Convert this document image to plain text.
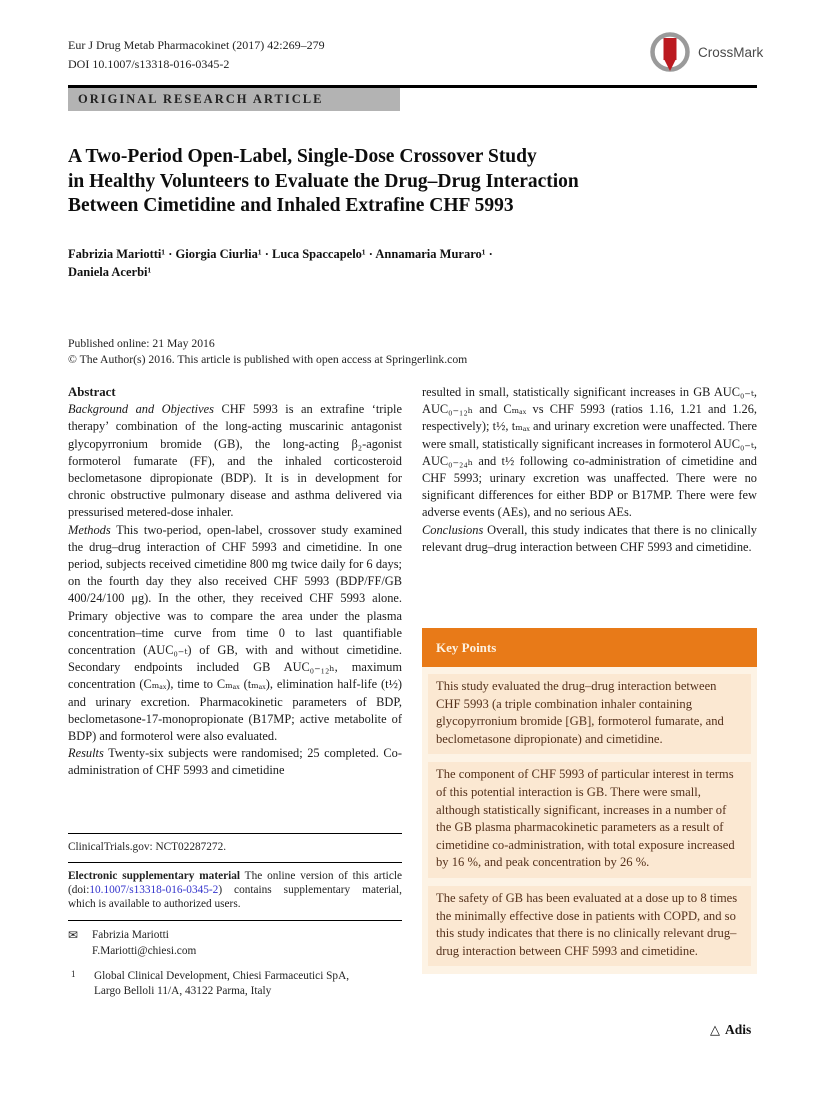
Eur J Drug Metab Pharmacokinet (2017) 42:269–279
DOI 10.1007/s13318-016-0345-2
CrossMark
ORIGINAL RESEARCH ARTICLE
A Two-Period Open-Label, Single-Dose Crossover Study
in Healthy Volunteers to Evaluate the Drug–Drug Interaction
Between Cimetidine and Inhaled Extrafine CHF 5993
Fabrizia Mariotti¹ · Giorgia Ciurlia¹ · Luca Spaccapelo¹ · Annamaria Muraro¹ ·
Daniela Acerbi¹
Published online: 21 May 2016
© The Author(s) 2016. This article is published with open access at Springerlink.com
Abstract

Background and Objectives CHF 5993 is an extrafine ‘triple therapy’ combination of the long-acting muscarinic antagonist glycopyrronium bromide (GB), the long-acting β₂-agonist formoterol fumarate (FF), and the inhaled corticosteroid beclometasone dipropionate (BDP). It is in development for chronic obstructive pulmonary disease and asthma delivered via pressurised metered-dose inhaler.

Methods This two-period, open-label, crossover study examined the drug–drug interaction of CHF 5993 and cimetidine. In one period, subjects received cimetidine 800 mg twice daily for 6 days; on the fourth day they also received CHF 5993 (BDP/FF/GB 400/24/100 μg). In the other, they received CHF 5993 alone. Primary objective was to compare the area under the plasma concentration–time curve from time 0 to last quantifiable concentration (AUC₀₋ₜ) of GB, with and without cimetidine. Secondary endpoints included GB AUC₀₋₁₂ₕ, maximum concentration (Cₘₐₓ), time to Cₘₐₓ (tₘₐₓ), elimination half-life (t½) and urinary excretion. Pharmacokinetic parameters of BDP, beclometasone-17-monopropionate (B17MP; active metabolite of BDP) and formoterol were also evaluated.

Results Twenty-six subjects were randomised; 25 completed. Co-administration of CHF 5993 and cimetidine

resulted in small, statistically significant increases in GB AUC₀₋ₜ, AUC₀₋₁₂ₕ and Cₘₐₓ vs CHF 5993 (ratios 1.16, 1.21 and 1.26, respectively); t½, tₘₐₓ and urinary excretion were unaffected. There were small, statistically significant increases in formoterol AUC₀₋ₜ, AUC₀₋₂₄ₕ and t½ following co-administration of cimetidine and CHF 5993; urinary excretion was unaffected. There were no significant differences for either BDP or B17MP. There were few adverse events (AEs), and no serious AEs.

Conclusions Overall, this study indicates that there is no clinically relevant drug–drug interaction between CHF 5993 and cimetidine.

Key Points
This study evaluated the drug–drug interaction between CHF 5993 (a triple combination inhaler containing glycopyrronium bromide [GB], formoterol fumarate, and beclometasone dipropionate) and cimetidine.
The component of CHF 5993 of particular interest in terms of this potential interaction is GB. There were small, although statistically significant, increases in a number of the GB plasma pharmacokinetic parameters as a result of cimetidine co-administration, with total exposure increased by 16 %, and peak concentration by 26 %.
The safety of GB has been evaluated at a dose up to 8 times the minimally effective dose in patients with COPD, and so this study indicates that there is no clinically relevant drug–drug interaction between CHF 5993 and cimetidine.
ClinicalTrials.gov: NCT02287272.
Electronic supplementary material The online version of this article (doi:10.1007/s13318-016-0345-2) contains supplementary material, which is available to authorized users.
✉ Fabrizia Mariotti
F.Mariotti@chiesi.com
1 Global Clinical Development, Chiesi Farmaceutici SpA,
Largo Belloli 11/A, 43122 Parma, Italy
△ Adis
